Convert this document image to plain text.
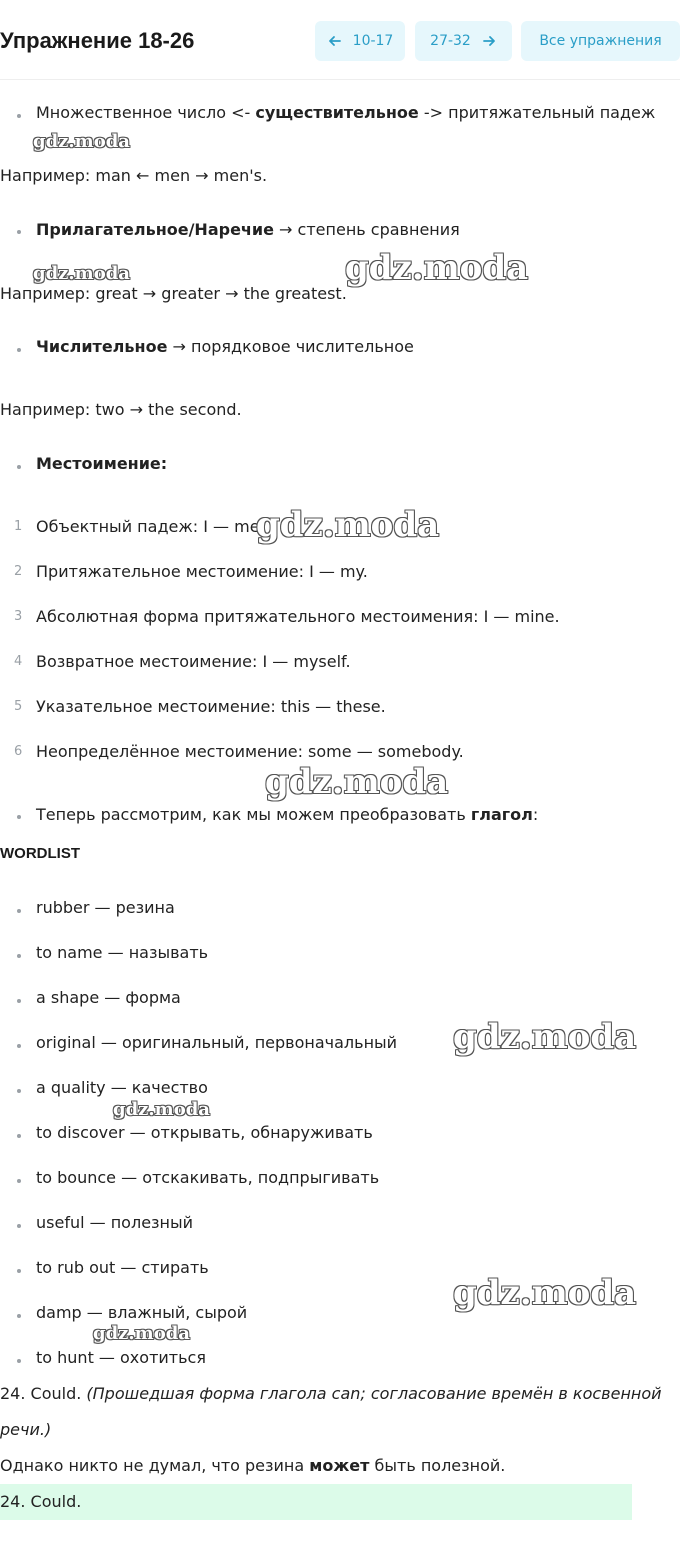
Упражнение 18-26	10-17	27-32	Все упражнения
Множественное число <- существительное -> притяжательный падеж
Например: man ← men → men's.
Прилагательное/Наречие → степень сравнения
Например: great → greater → the greatest.
Числительное → порядковое числительное
Например: two → the second.
Местоимение:
1 Объектный падеж: I — me.
2 Притяжательное местоимение: I — my.
3 Абсолютная форма притяжательного местоимения: I — mine.
4 Возвратное местоимение: I — myself.
5 Указательное местоимение: this — these.
6 Неопределённое местоимение: some — somebody.
Теперь рассмотрим, как мы можем преобразовать глагол:
WORDLIST
rubber — резина
to name — называть
a shape — форма
original — оригинальный, первоначальный
a quality — качество
to discover — открывать, обнаруживать
to bounce — отскакивать, подпрыгивать
useful — полезный
to rub out — стирать
damp — влажный, сырой
to hunt — охотиться
24. Could. (Прошедшая форма глагола can; согласование времён в косвенной
речи.)
Однако никто не думал, что резина может быть полезной.
24. Could.
gdz.moda
gdz.moda	gdz.moda
gdz.moda
gdz.moda
gdz.moda
gdz.moda
gdz.moda
gdz.moda
